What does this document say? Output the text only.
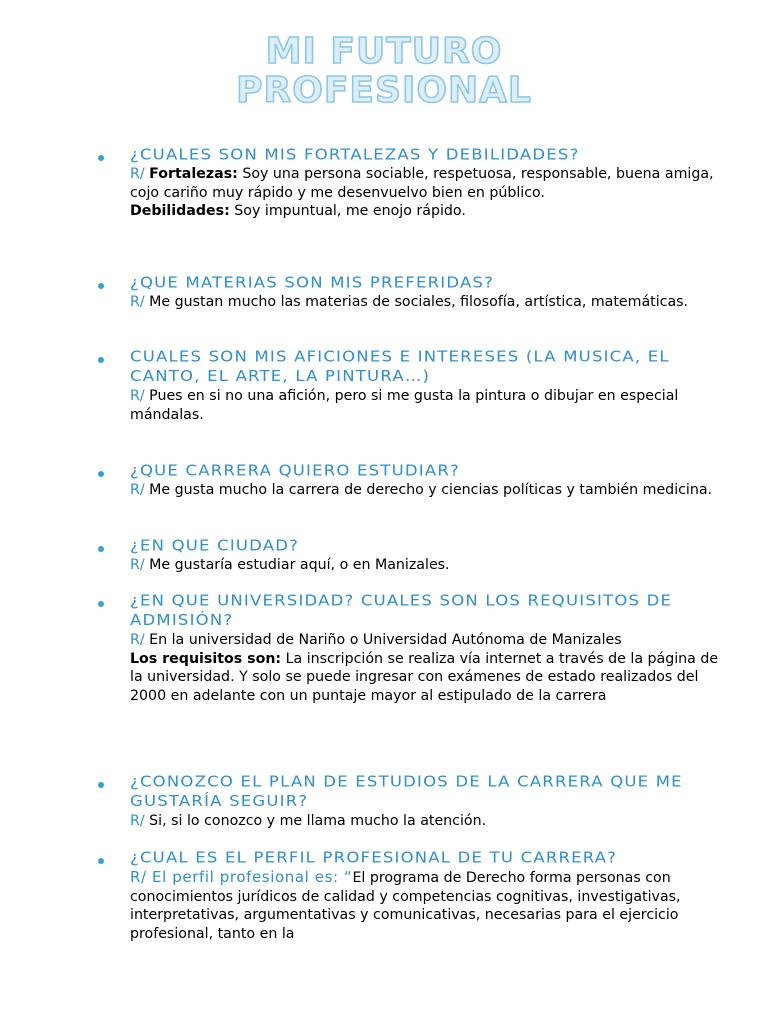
MI FUTURO
PROFESIONAL

¿CUALES SON MIS FORTALEZAS Y DEBILIDADES?

R/ Fortalezas: Soy una persona sociable, respetuosa, responsable, buena amiga, cojo cariño muy rápido y me desenvuelvo bien en público.
Debilidades: Soy impuntual, me enojo rápido.

¿QUE MATERIAS SON MIS PREFERIDAS?

R/ Me gustan mucho las materias de sociales, filosofía, artística, matemáticas.

CUALES SON MIS AFICIONES E INTERESES (LA MUSICA, EL CANTO, EL ARTE, LA PINTURA…)

R/ Pues en si no una afición, pero si me gusta la pintura o dibujar en especial mándalas.

¿QUE CARRERA QUIERO ESTUDIAR?

R/ Me gusta mucho la carrera de derecho y ciencias políticas y también medicina.

¿EN QUE CIUDAD?

R/ Me gustaría estudiar aquí, o en Manizales.

¿EN QUE UNIVERSIDAD? CUALES SON LOS REQUISITOS DE ADMISIÓN?

R/ En la universidad de Nariño o Universidad Autónoma de Manizales
Los requisitos son: La inscripción se realiza vía internet a través de la página de la universidad. Y solo se puede ingresar con exámenes de estado realizados del 2000 en adelante con un puntaje mayor al estipulado de la carrera

¿CONOZCO EL PLAN DE ESTUDIOS DE LA CARRERA QUE ME GUSTARÍA SEGUIR?

R/ Si, si lo conozco y me llama mucho la atención.

¿CUAL ES EL PERFIL PROFESIONAL DE TU CARRERA?

R/ El perfil profesional es: “El programa de Derecho forma personas con conocimientos jurídicos de calidad y competencias cognitivas, investigativas, interpretativas, argumentativas y comunicativas, necesarias para el ejercicio profesional, tanto en la
